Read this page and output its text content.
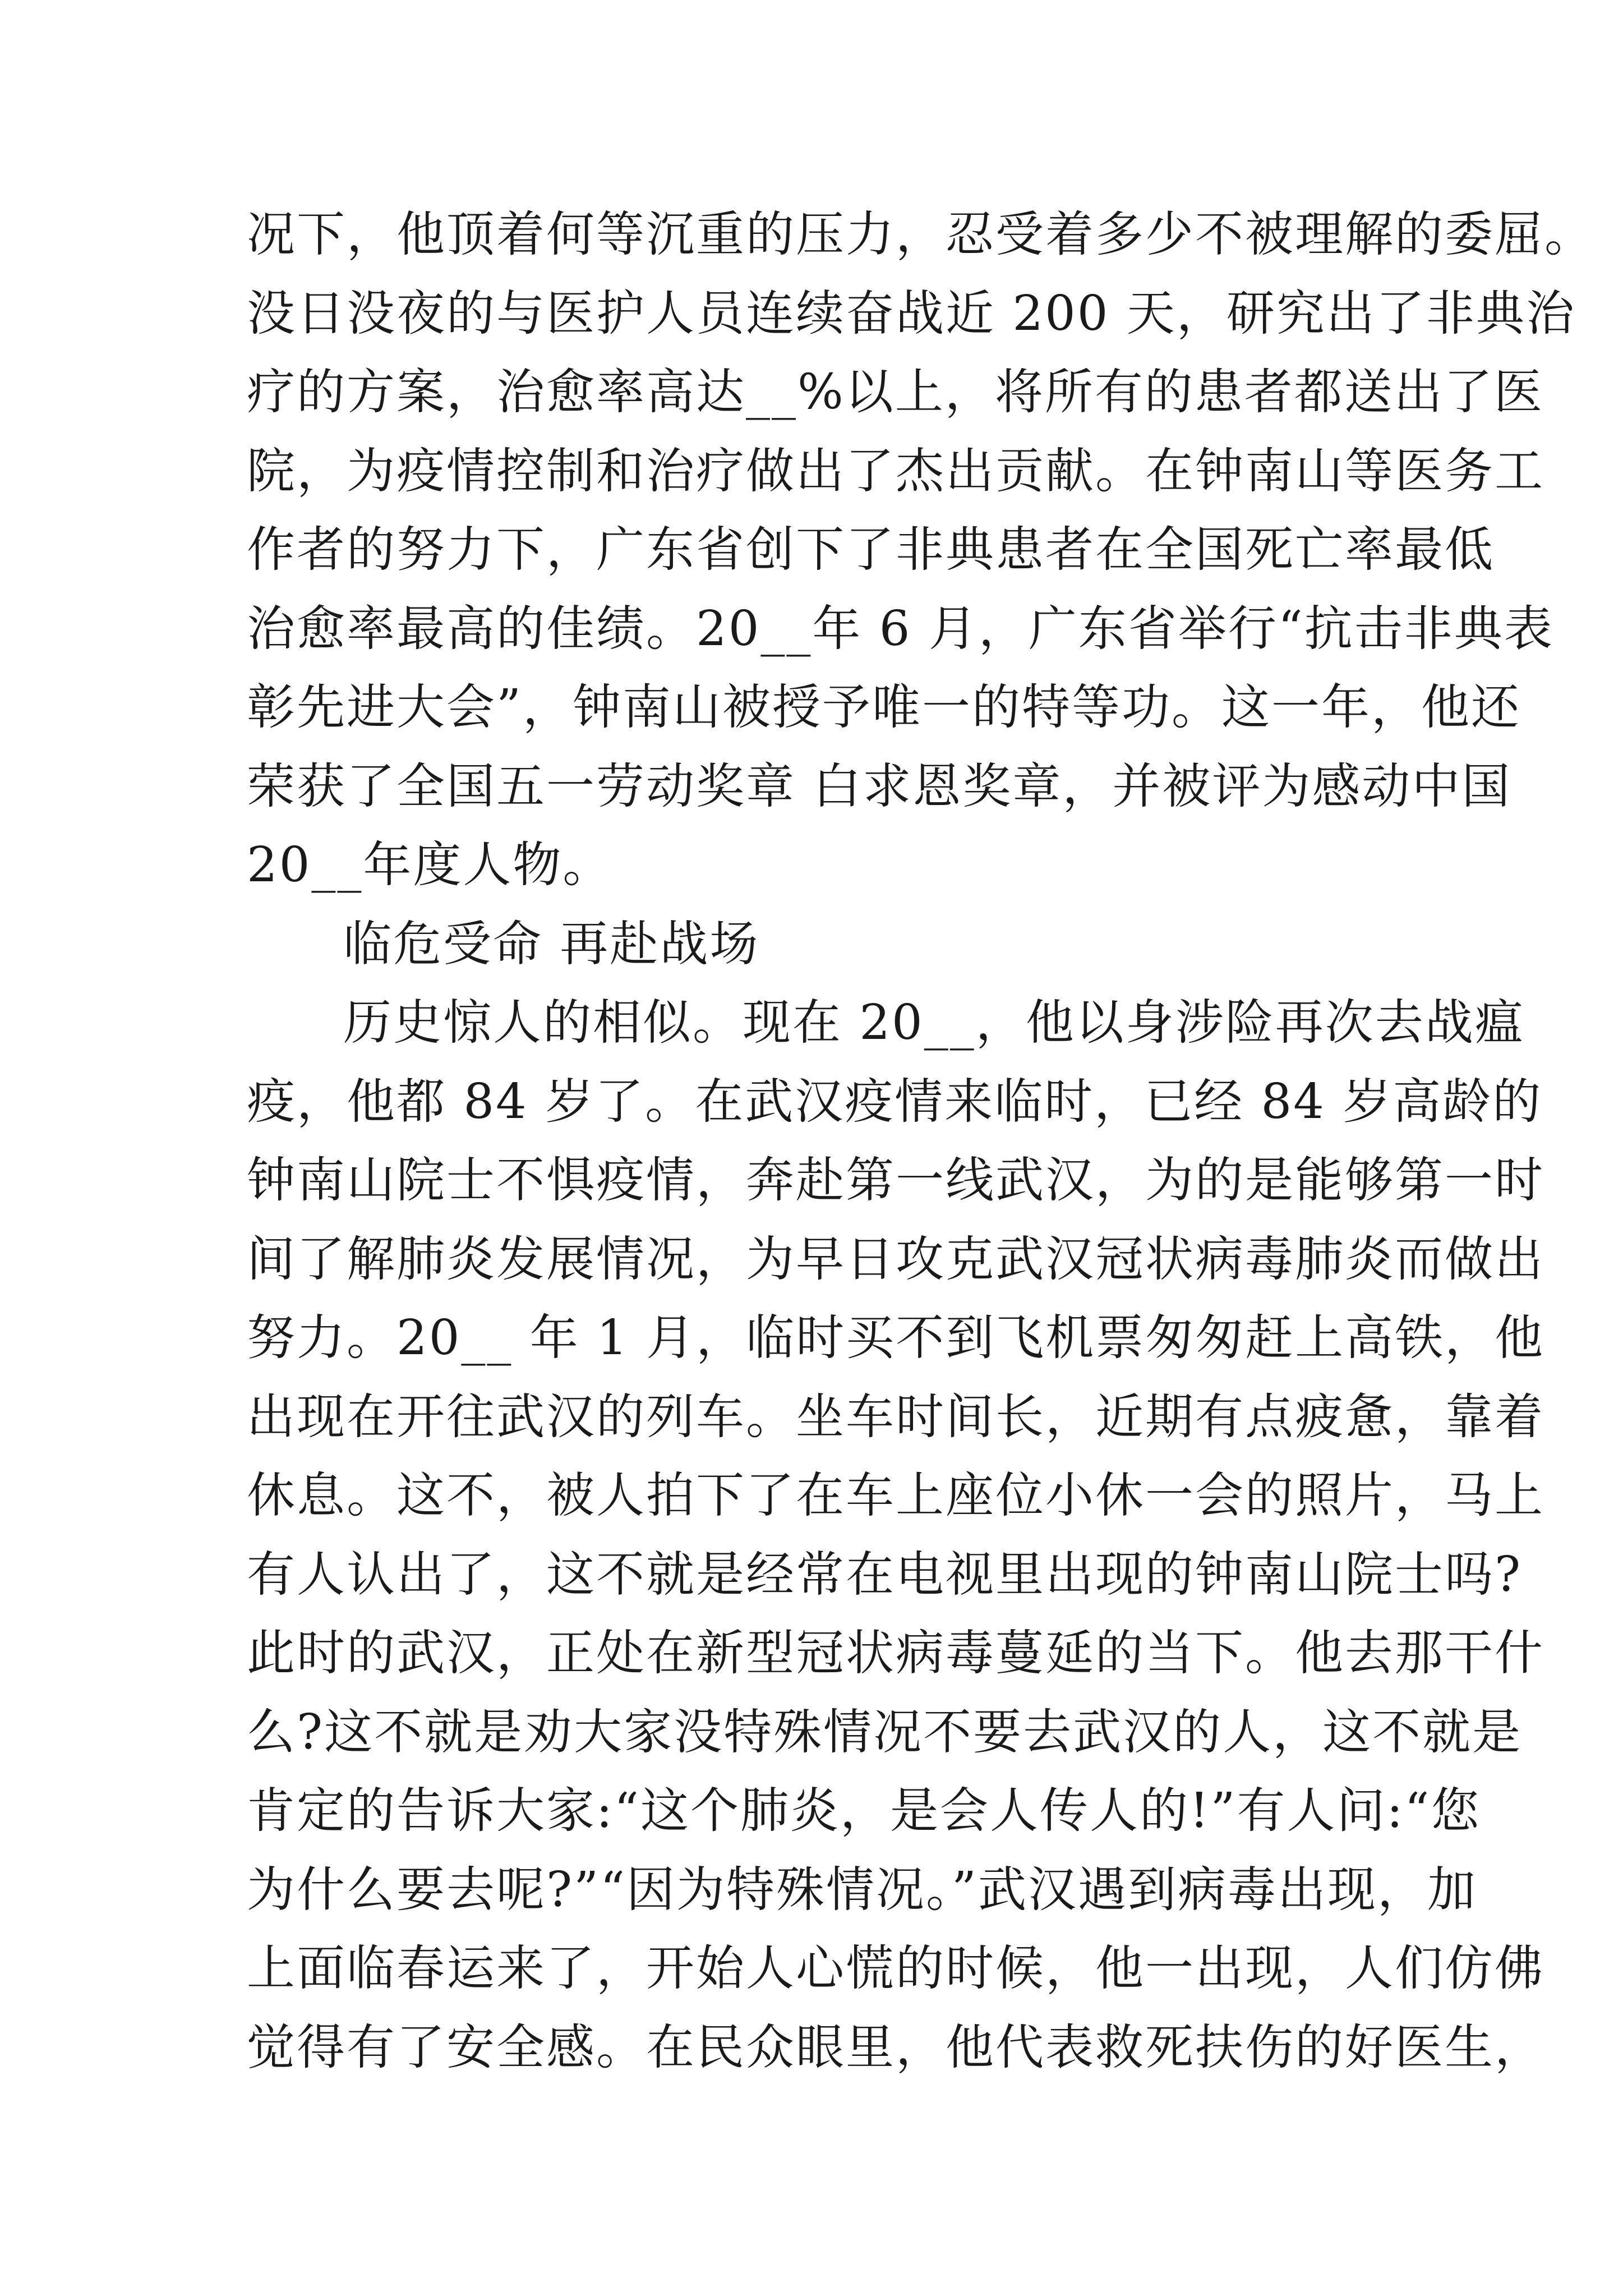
况下，他顶着何等沉重的压力，忍受着多少不被理解的委屈。
没日没夜的与医护人员连续奋战近 200 天，研究出了非典治
疗的方案，治愈率高达__%以上，将所有的患者都送出了医
院，为疫情控制和治疗做出了杰出贡献。在钟南山等医务工
作者的努力下，广东省创下了非典患者在全国死亡率最低
治愈率最高的佳绩。20__年 6 月，广东省举行“抗击非典表
彰先进大会”，钟南山被授予唯一的特等功。这一年，他还
荣获了全国五一劳动奖章 白求恩奖章，并被评为感动中国
20__年度人物。
临危受命 再赴战场
历史惊人的相似。现在 20__，他以身涉险再次去战瘟
疫，他都 84 岁了。在武汉疫情来临时，已经 84 岁高龄的
钟南山院士不惧疫情，奔赴第一线武汉，为的是能够第一时
间了解肺炎发展情况，为早日攻克武汉冠状病毒肺炎而做出
努力。20__ 年 1 月，临时买不到飞机票匆匆赶上高铁，他
出现在开往武汉的列车。坐车时间长，近期有点疲惫，靠着
休息。这不，被人拍下了在车上座位小休一会的照片，马上
有人认出了，这不就是经常在电视里出现的钟南山院士吗?
此时的武汉，正处在新型冠状病毒蔓延的当下。他去那干什
么?这不就是劝大家没特殊情况不要去武汉的人，这不就是
肯定的告诉大家:“这个肺炎，是会人传人的!”有人问:“您
为什么要去呢?”“因为特殊情况。”武汉遇到病毒出现，加
上面临春运来了，开始人心慌的时候，他一出现，人们仿佛
觉得有了安全感。在民众眼里，他代表救死扶伤的好医生，
